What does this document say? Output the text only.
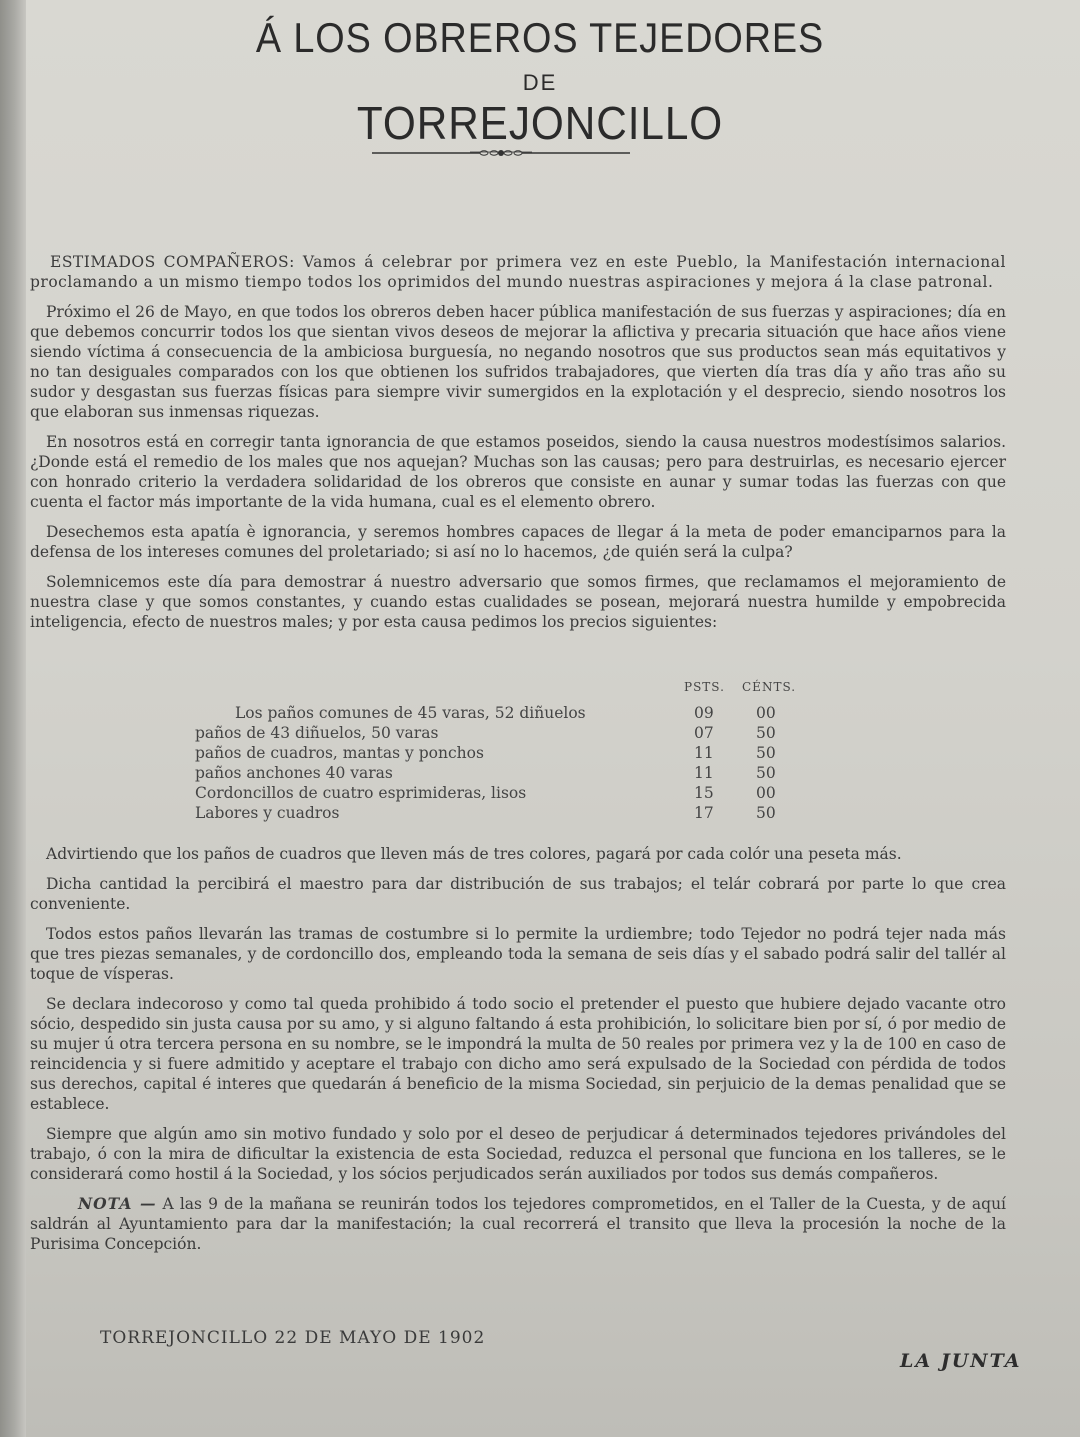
Á LOS OBREROS TEJEDORES
DE
TORREJONCILLO

ESTIMADOS COMPAÑEROS: Vamos á celebrar por primera vez en este Pueblo, la Manifestación internacional proclamando a un mismo tiempo todos los oprimidos del mundo nuestras aspiraciones y mejora á la clase patronal.

Próximo el 26 de Mayo, en que todos los obreros deben hacer pública manifestación de sus fuerzas y aspiraciones; día en que debemos concurrir todos los que sientan vivos deseos de mejorar la aflictiva y precaria situación que hace años viene siendo víctima á consecuencia de la ambiciosa burguesía, no negando nosotros que sus productos sean más equitativos y no tan desiguales comparados con los que obtienen los sufridos trabajadores, que vierten día tras día y año tras año su sudor y desgastan sus fuerzas físicas para siempre vivir sumergidos en la explotación y el desprecio, siendo nosotros los que elaboran sus inmensas riquezas.

En nosotros está en corregir tanta ignorancia de que estamos poseidos, siendo la causa nuestros modestísimos salarios. ¿Donde está el remedio de los males que nos aquejan? Muchas son las causas; pero para destruirlas, es necesario ejercer con honrado criterio la verdadera solidaridad de los obreros que consiste en aunar y sumar todas las fuerzas con que cuenta el factor más importante de la vida humana, cual es el elemento obrero.

Desechemos esta apatía è ignorancia, y seremos hombres capaces de llegar á la meta de poder emanciparnos para la defensa de los intereses comunes del proletariado; si así no lo hacemos, ¿de quién será la culpa?

Solemnicemos este día para demostrar á nuestro adversario que somos firmes, que reclamamos el mejoramiento de nuestra clase y que somos constantes, y cuando estas cualidades se posean, mejorará nuestra humilde y empobrecida inteligencia, efecto de nuestros males; y por esta causa pedimos los precios siguientes:

PSTS. CÉNTS.
Los paños comunes de 45 varas, 52 diñuelos	09	00
paños de 43 diñuelos, 50 varas	07	50
paños de cuadros, mantas y ponchos	11	50
paños anchones 40 varas	11	50
Cordoncillos de cuatro esprimideras, lisos	15	00
Labores y cuadros	17	50

Advirtiendo que los paños de cuadros que lleven más de tres colores, pagará por cada colór una peseta más.

Dicha cantidad la percibirá el maestro para dar distribución de sus trabajos; el telár cobrará por parte lo que crea conveniente.

Todos estos paños llevarán las tramas de costumbre si lo permite la urdiembre; todo Tejedor no podrá tejer nada más que tres piezas semanales, y de cordoncillo dos, empleando toda la semana de seis días y el sabado podrá salir del tallér al toque de vísperas.

Se declara indecoroso y como tal queda prohibido á todo socio el pretender el puesto que hubiere dejado vacante otro sócio, despedido sin justa causa por su amo, y si alguno faltando á esta prohibición, lo solicitare bien por sí, ó por medio de su mujer ú otra tercera persona en su nombre, se le impondrá la multa de 50 reales por primera vez y la de 100 en caso de reincidencia y si fuere admitido y aceptare el trabajo con dicho amo será expulsado de la Sociedad con pérdida de todos sus derechos, capital é interes que quedarán á beneficio de la misma Sociedad, sin perjuicio de la demas penalidad que se establece.

Siempre que algún amo sin motivo fundado y solo por el deseo de perjudicar á determinados tejedores privándoles del trabajo, ó con la mira de dificultar la existencia de esta Sociedad, reduzca el personal que funciona en los talleres, se le considerará como hostil á la Sociedad, y los sócios perjudicados serán auxiliados por todos sus demás compañeros.

NOTA — A las 9 de la mañana se reunirán todos los tejedores comprometidos, en el Taller de la Cuesta, y de aquí saldrán al Ayuntamiento para dar la manifestación; la cual recorrerá el transito que lleva la procesión la noche de la Purisima Concepción.

TORREJONCILLO 22 DE MAYO DE 1902
LA JUNTA
